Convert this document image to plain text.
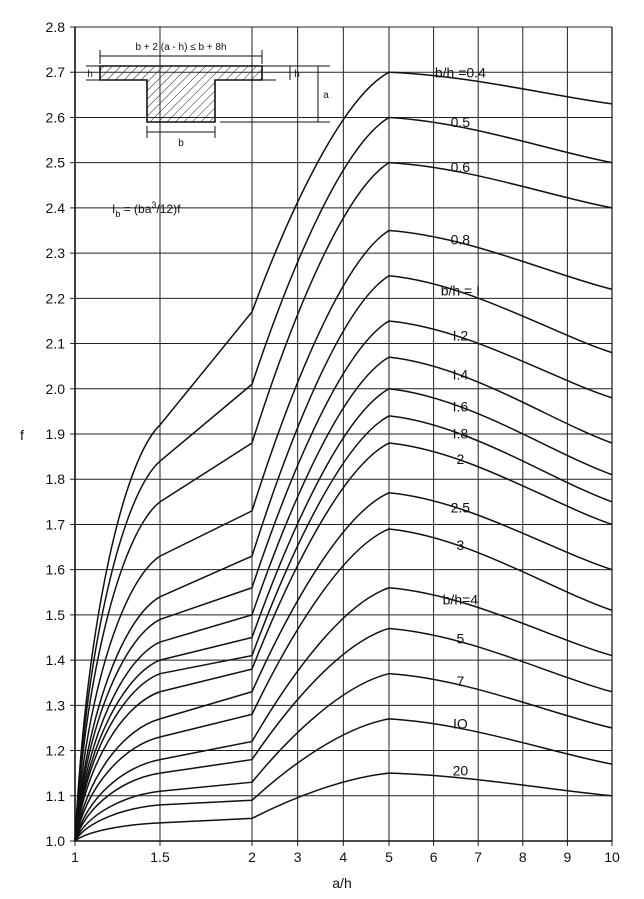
1.0
1.1
1.2
1.3
1.4
1.5
1.6
1.7
1.8
1.9
2.0
2.1
2.2
2.3
2.4
2.5
2.6
2.7
2.8
1	1.5	2	3	4	5	6	7	8	9 10
b/h =0.4
0.5
0.6
0.8
b/h = I
I.2
I.4
I.6
I.8
2
2.5
3
b/h=4
5
7
IO
20
a/h
f
b + 2 (a - h) ≤ b + 8h
b
h	h
a
$I_b = (ba^3/12)f$
